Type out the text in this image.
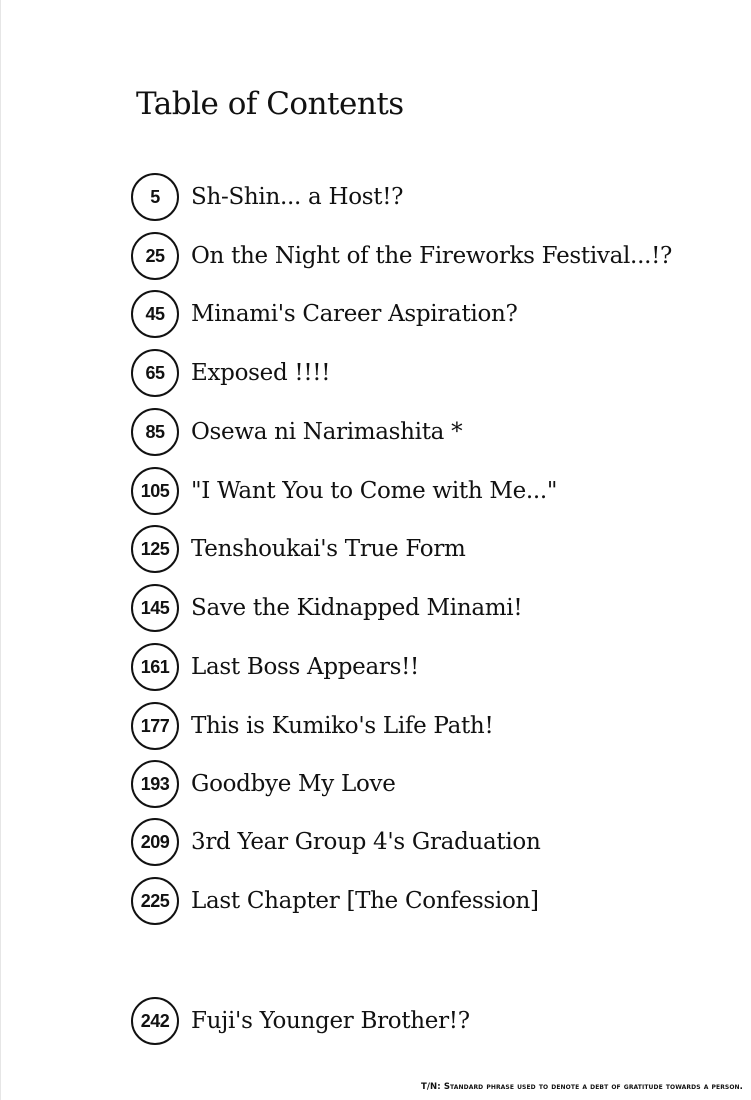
Table of Contents
5	Sh-Shin... a Host!?
25	On the Night of the Fireworks Festival...!?
45	Minami's Career Aspiration?
65	Exposed !!!!
85	Osewa ni Narimashita *
105 "I Want You to Come with Me..."
125 Tenshoukai's True Form
145 Save the Kidnapped Minami!
161 Last Boss Appears!!
177 This is Kumiko's Life Path!
193 Goodbye My Love
209 3rd Year Group 4's Graduation
225 Last Chapter [The Confession]
242 Fuji's Younger Brother!?
T/N: Standard phrase used to denote a debt of gratitude towards a person.
